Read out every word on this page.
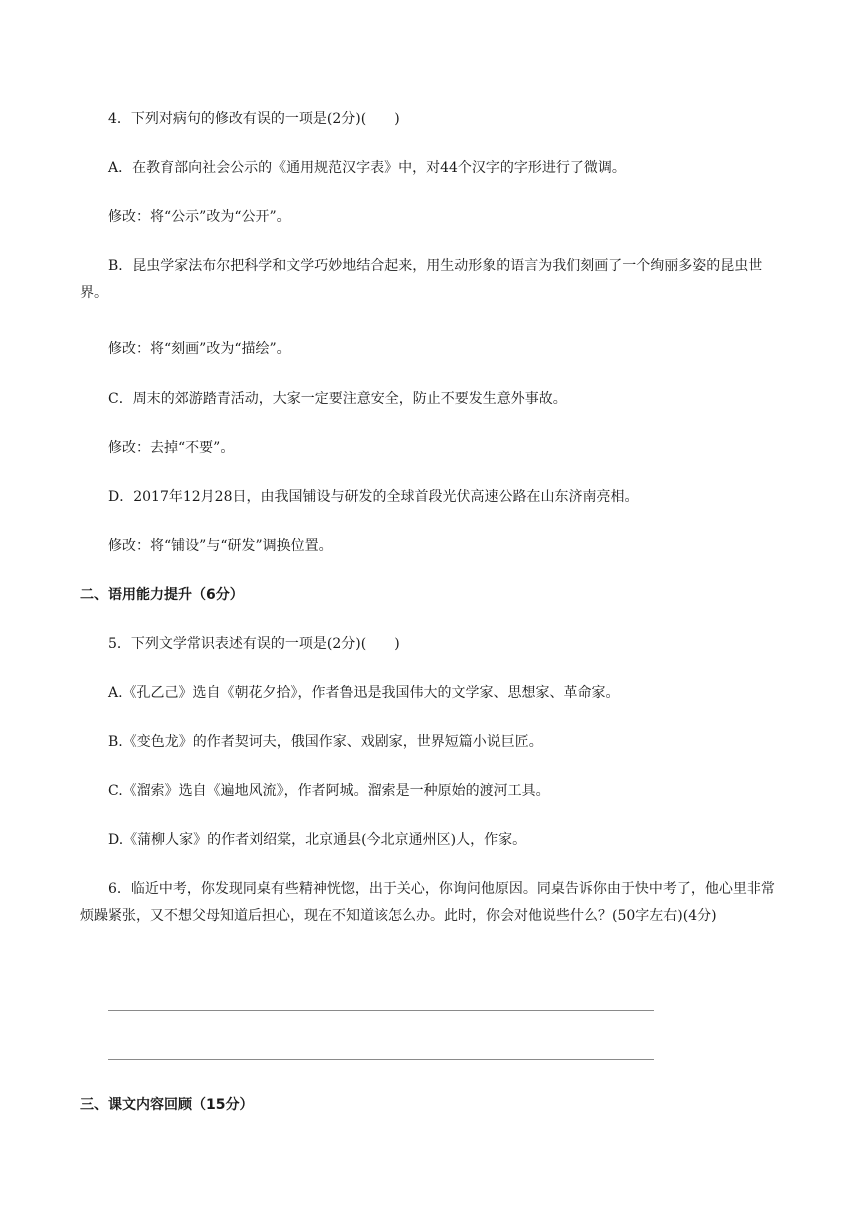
4．下列对病句的修改有误的一项是(2分)(　　)
A．在教育部向社会公示的《通用规范汉字表》中，对44个汉字的字形进行了微调。
修改：将“公示”改为“公开”。
B．昆虫学家法布尔把科学和文学巧妙地结合起来，用生动形象的语言为我们刻画了一个绚丽多姿的昆虫世界。
修改：将“刻画”改为“描绘”。
C．周末的郊游踏青活动，大家一定要注意安全，防止不要发生意外事故。
修改：去掉“不要”。
D．2017年12月28日，由我国铺设与研发的全球首段光伏高速公路在山东济南亮相。
修改：将“铺设”与“研发”调换位置。
二、语用能力提升（6分）
5．下列文学常识表述有误的一项是(2分)(　　)
A.《孔乙己》选自《朝花夕拾》，作者鲁迅是我国伟大的文学家、思想家、革命家。
B.《变色龙》的作者契诃夫，俄国作家、戏剧家，世界短篇小说巨匠。
C.《溜索》选自《遍地风流》，作者阿城。溜索是一种原始的渡河工具。
D.《蒲柳人家》的作者刘绍棠，北京通县(今北京通州区)人，作家。
6．临近中考，你发现同桌有些精神恍惚，出于关心，你询问他原因。同桌告诉你由于快中考了，他心里非常烦躁紧张，又不想父母知道后担心，现在不知道该怎么办。此时，你会对他说些什么？(50字左右)(4分)
三、课文内容回顾（15分）
